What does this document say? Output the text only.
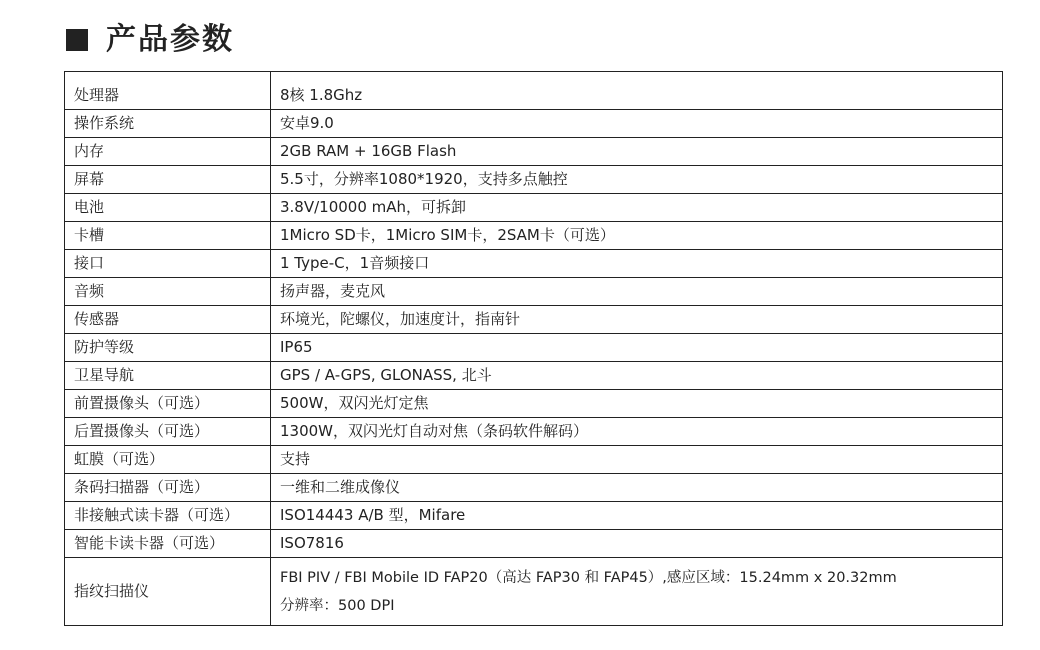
产品参数
处理器	8核 1.8Ghz
操作系统	安卓9.0
内存	2GB RAM + 16GB Flash
屏幕	5.5寸，分辨率1080*1920，支持多点触控
电池	3.8V/10000 mAh，可拆卸
卡槽	1Micro SD卡，1Micro SIM卡，2SAM卡（可选）
接口	1 Type-C，1音频接口
音频	扬声器，麦克风
传感器	环境光，陀螺仪，加速度计，指南针
防护等级	IP65
卫星导航	GPS / A-GPS, GLONASS, 北斗
前置摄像头（可选）	500W，双闪光灯定焦
后置摄像头（可选）	1300W，双闪光灯自动对焦（条码软件解码）
虹膜（可选）	支持
条码扫描器（可选）	一维和二维成像仪
非接触式读卡器（可选）	ISO14443 A/B 型，Mifare
智能卡读卡器（可选）	ISO7816
指纹扫描仪	FBI PIV / FBI Mobile ID FAP20（高达 FAP30 和 FAP45）,感应区域：15.24mm x 20.32mm
分辨率：500 DPI
